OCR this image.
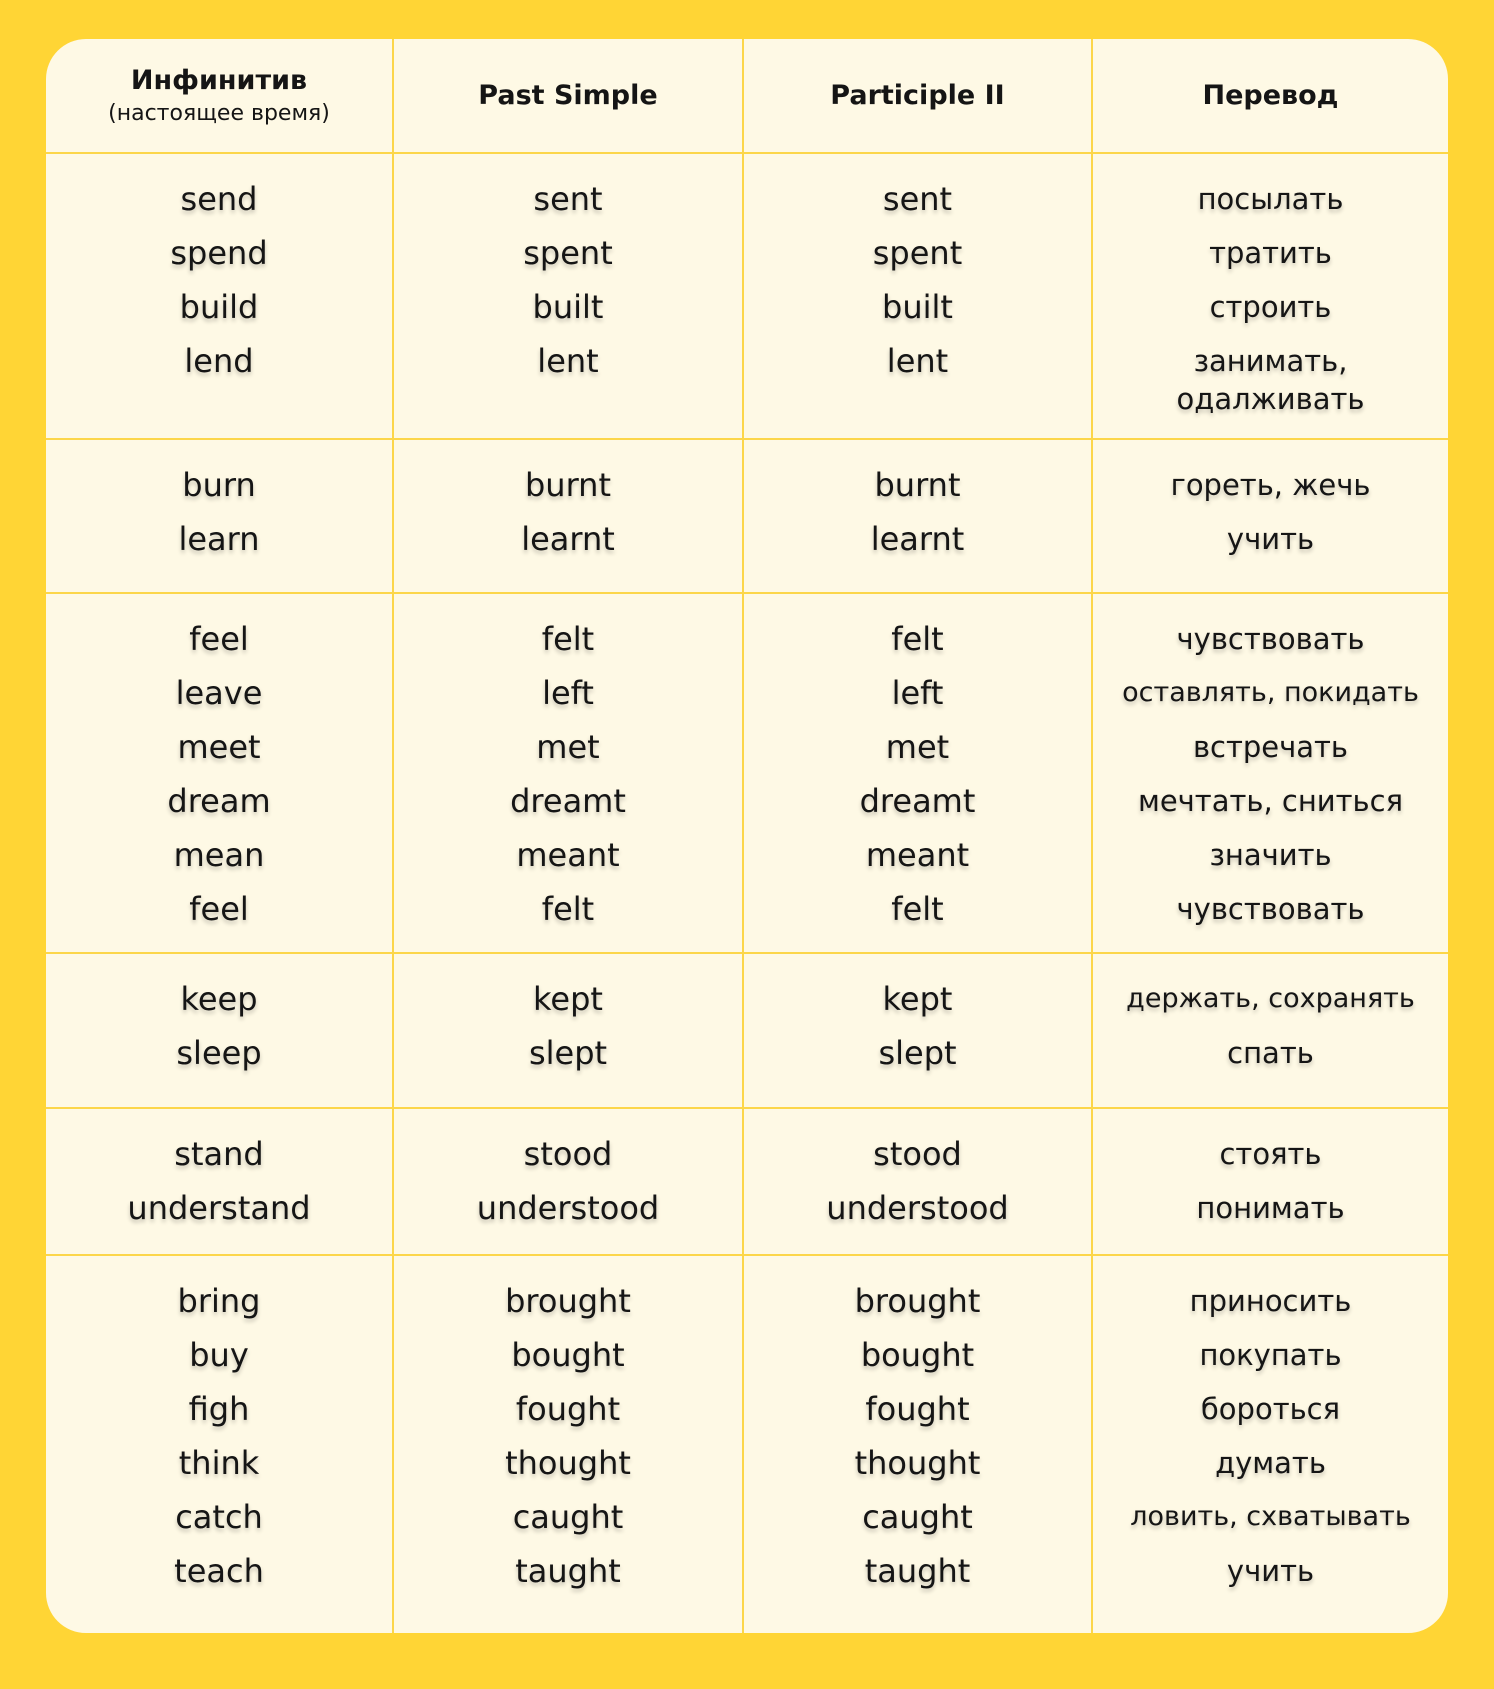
Инфинитив
(настоящее время)
Past Simple	Participle II	Перевод
send
spend
build
lend
sent
spent
built
lent
sent
spent
built
lent
посылать
тратить
строить
занимать, одалживать
burn
learn
burnt
learnt
burnt
learnt
гореть, жечь
учить
feel
leave
meet
dream
mean
feel
felt
left
met
dreamt
meant
felt
felt
left
met
dreamt
meant
felt
чувствовать
оставлять, покидать
встречать
мечтать, сниться
значить
чувствовать
keep
sleep
kept
slept
kept
slept
держать, сохранять
спать
stand
understand
stood
understood
stood
understood
стоять
понимать
bring
buy
figh
think
catch
teach
brought
bought
fought
thought
caught
taught
brought
bought
fought
thought
caught
taught
приносить
покупать
бороться
думать
ловить, схватывать
учить
